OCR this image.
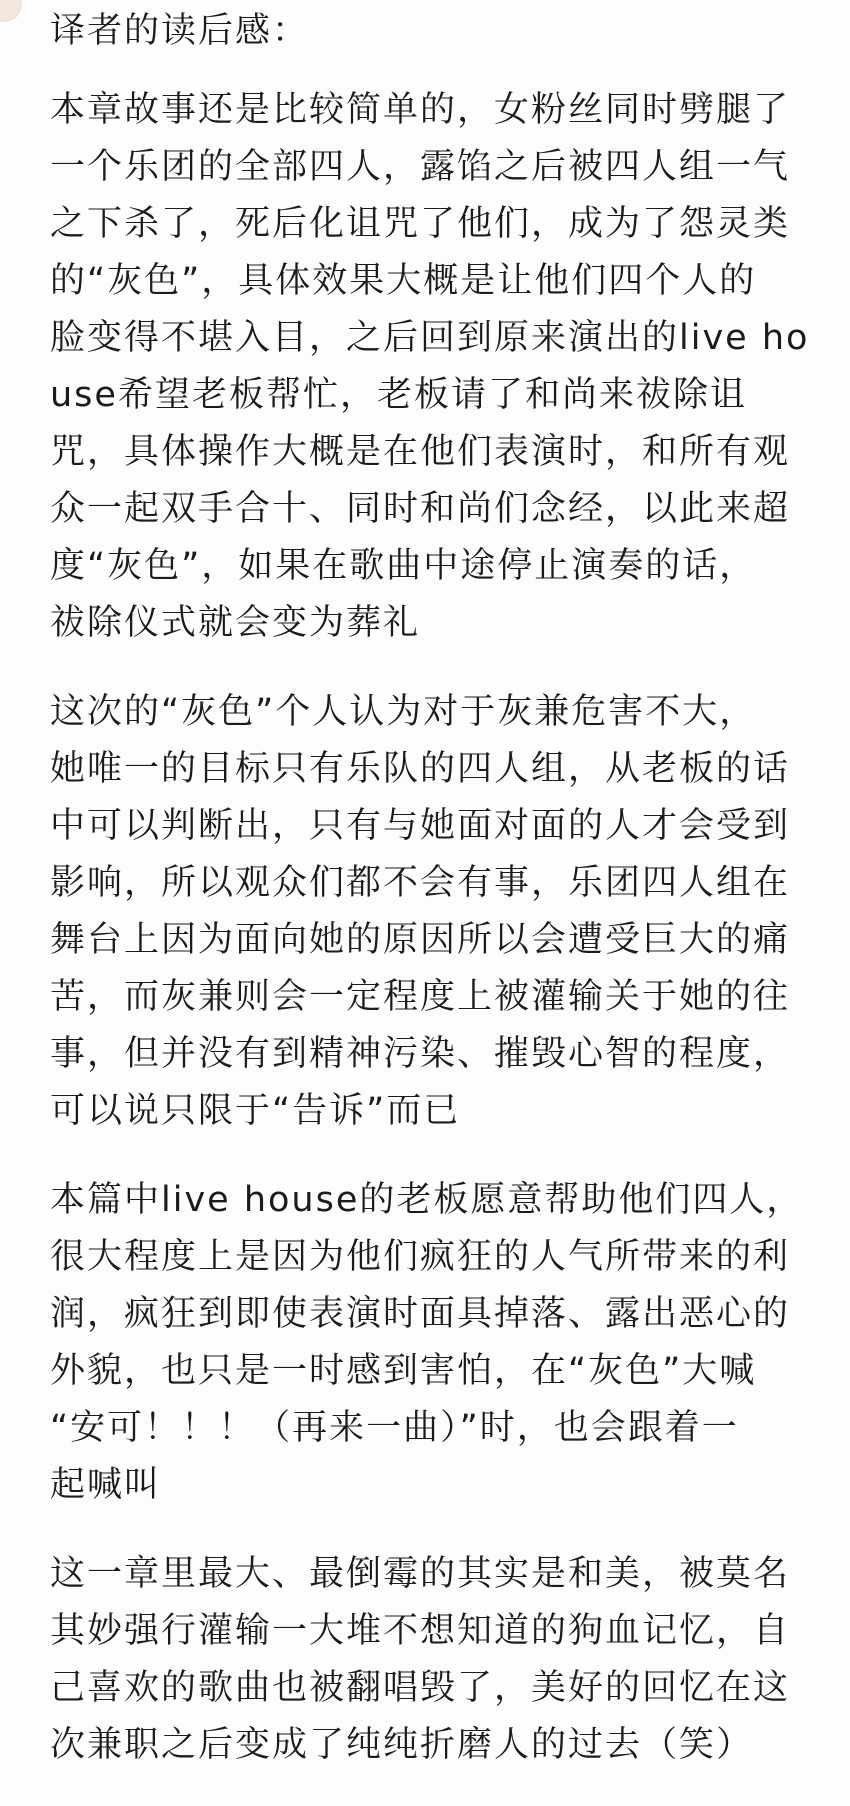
译者的读后感：
本章故事还是比较简单的，女粉丝同时劈腿了
一个乐团的全部四人，露馅之后被四人组一气
之下杀了，死后化诅咒了他们，成为了怨灵类
的“灰色”，具体效果大概是让他们四个人的
脸变得不堪入目，之后回到原来演出的live ho
use希望老板帮忙，老板请了和尚来祓除诅
咒，具体操作大概是在他们表演时，和所有观
众一起双手合十、同时和尚们念经，以此来超
度“灰色”，如果在歌曲中途停止演奏的话，
祓除仪式就会变为葬礼
这次的“灰色”个人认为对于灰兼危害不大，
她唯一的目标只有乐队的四人组，从老板的话
中可以判断出，只有与她面对面的人才会受到
影响，所以观众们都不会有事，乐团四人组在
舞台上因为面向她的原因所以会遭受巨大的痛
苦，而灰兼则会一定程度上被灌输关于她的往
事，但并没有到精神污染、摧毁心智的程度，
可以说只限于“告诉”而已
本篇中live house的老板愿意帮助他们四人，
很大程度上是因为他们疯狂的人气所带来的利
润，疯狂到即使表演时面具掉落、露出恶心的
外貌，也只是一时感到害怕，在“灰色”大喊
“安可！！！（再来一曲）”时，也会跟着一
起喊叫
这一章里最大、最倒霉的其实是和美，被莫名
其妙强行灌输一大堆不想知道的狗血记忆，自
己喜欢的歌曲也被翻唱毁了，美好的回忆在这
次兼职之后变成了纯纯折磨人的过去（笑）
